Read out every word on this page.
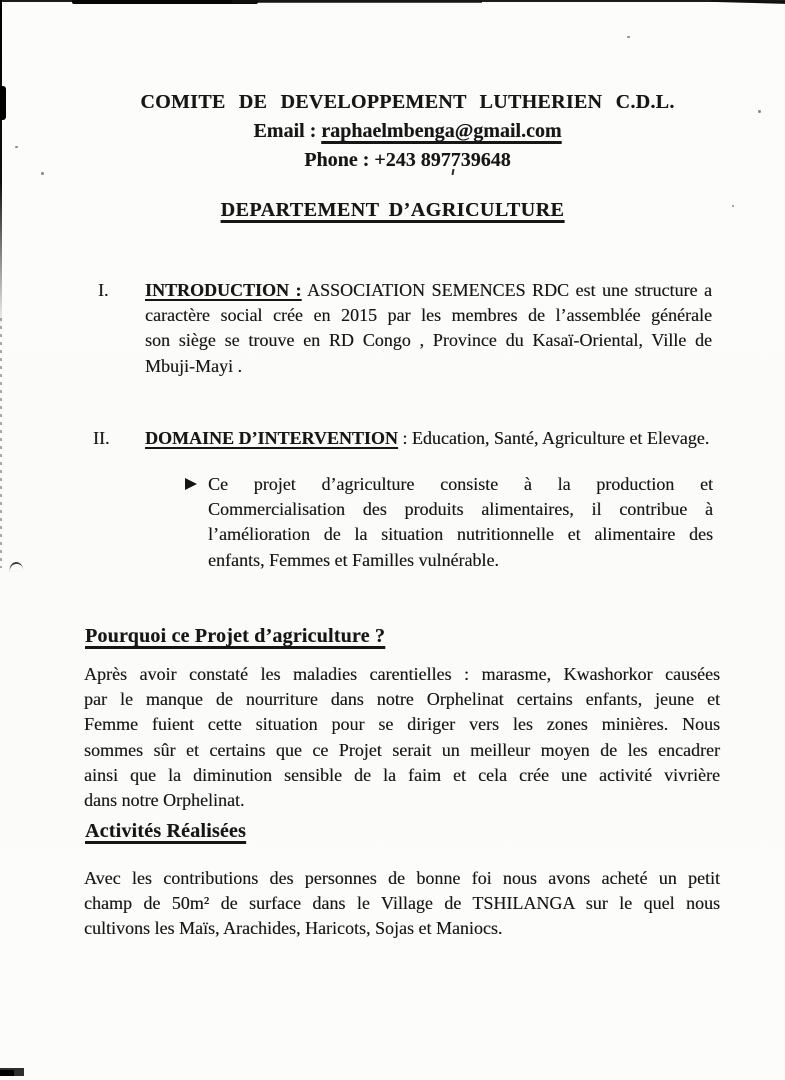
COMITE DE DEVELOPPEMENT LUTHERIEN C.D.L.
Email : raphaelmbenga@gmail.com
Phone : +243 897739648
DEPARTEMENT D’AGRICULTURE
I. INTRODUCTION : ASSOCIATION SEMENCES RDC est une structure a
caractère social crée en 2015 par les membres de l’assemblée générale
son siège se trouve en RD Congo , Province du Kasaï-Oriental, Ville de
Mbuji-Mayi .
II. DOMAINE D’INTERVENTION : Education, Santé, Agriculture et Elevage.
Ce projet d’agriculture consiste à la production et
Commercialisation des produits alimentaires, il contribue à
l’amélioration de la situation nutritionnelle et alimentaire des
enfants, Femmes et Familles vulnérable.
Pourquoi ce Projet d’agriculture ?
Après avoir constaté les maladies carentielles : marasme, Kwashorkor causées
par le manque de nourriture dans notre Orphelinat certains enfants, jeune et
Femme fuient cette situation pour se diriger vers les zones minières. Nous
sommes sûr et certains que ce Projet serait un meilleur moyen de les encadrer
ainsi que la diminution sensible de la faim et cela crée une activité vivrière
dans notre Orphelinat.
Activités Réalisées
Avec les contributions des personnes de bonne foi nous avons acheté un petit
champ de 50m² de surface dans le Village de TSHILANGA sur le quel nous
cultivons les Maïs, Arachides, Haricots, Sojas et Maniocs.
